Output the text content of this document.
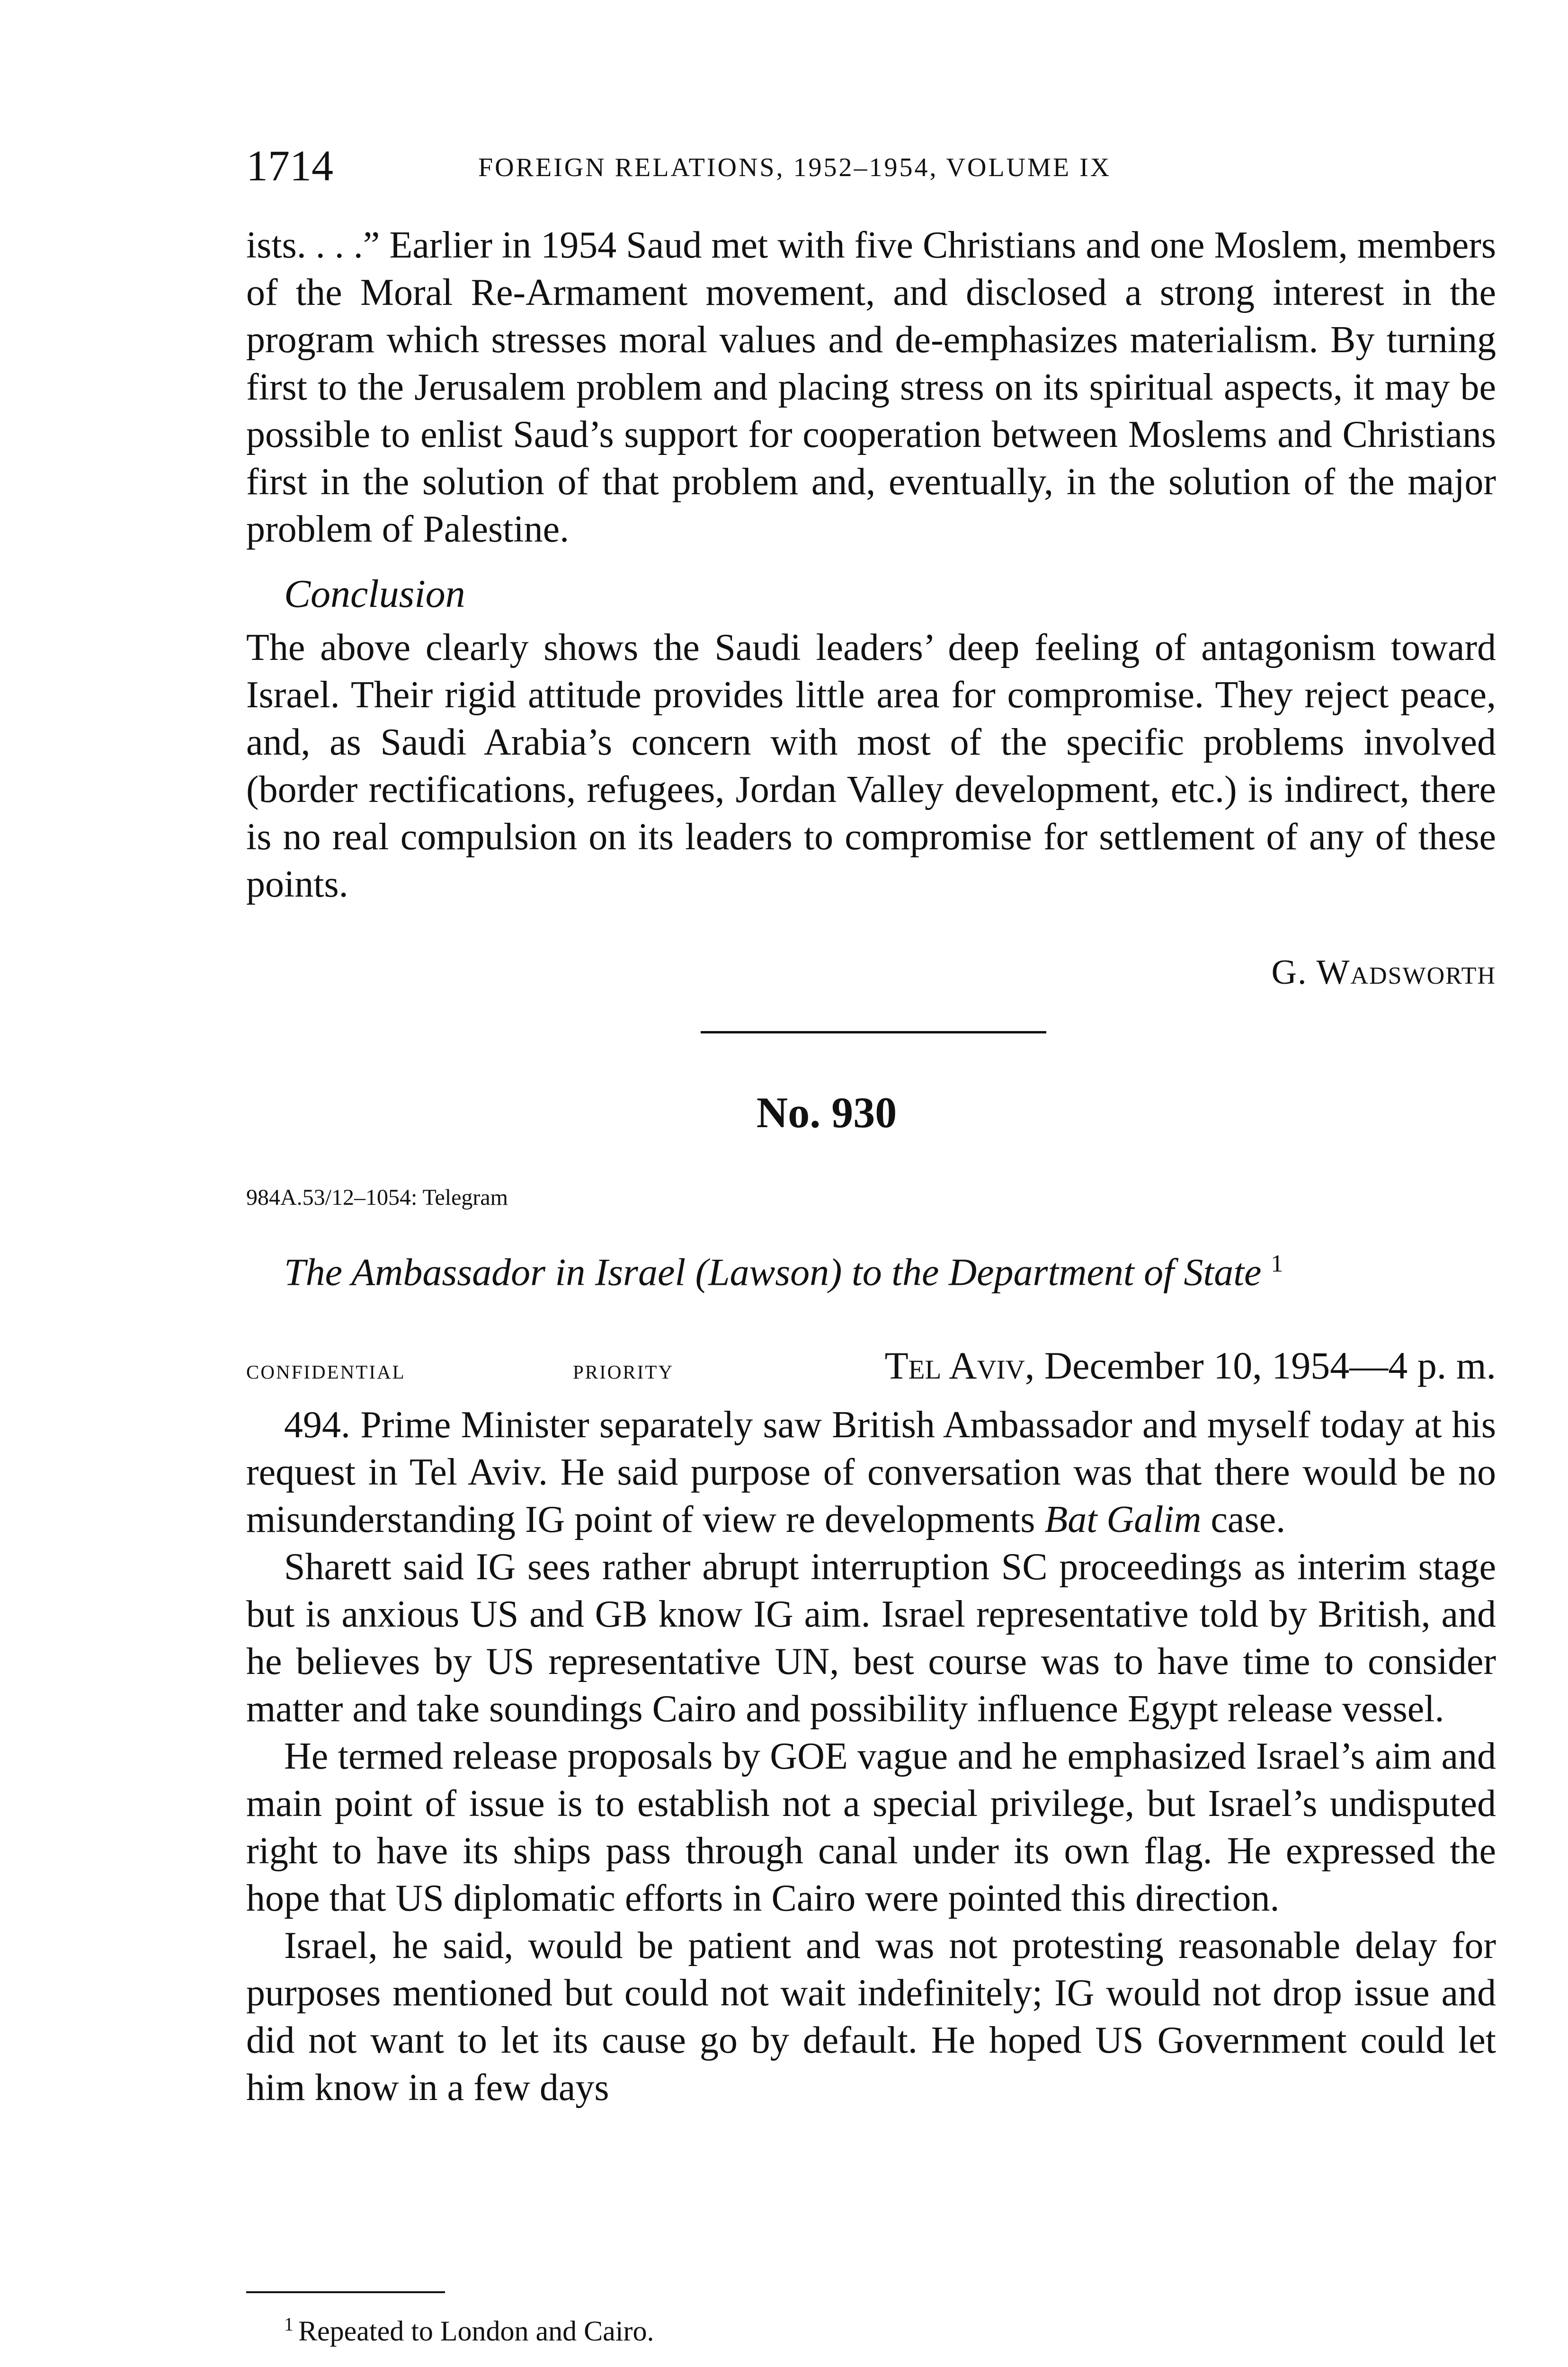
1714	FOREIGN RELATIONS, 1952–1954, VOLUME IX

ists. . . .” Earlier in 1954 Saud met with five Christians and one Moslem, members of the Moral Re-Armament movement, and disclosed a strong interest in the program which stresses moral values and de-emphasizes materialism. By turning first to the Jerusalem problem and placing stress on its spiritual aspects, it may be possible to enlist Saud’s support for cooperation between Moslems and Christians first in the solution of that problem and, eventually, in the solution of the major problem of Palestine.

Conclusion

The above clearly shows the Saudi leaders’ deep feeling of antagonism toward Israel. Their rigid attitude provides little area for compromise. They reject peace, and, as Saudi Arabia’s concern with most of the specific problems involved (border rectifications, refugees, Jordan Valley development, etc.) is indirect, there is no real compulsion on its leaders to compromise for settlement of any of these points.

G. Wadsworth
No. 930
984A.53/12–1054: Telegram
The Ambassador in Israel (Lawson) to the Department of State $^1$
confidential	priority	Tel Aviv, December 10, 1954—4 p. m.

494. Prime Minister separately saw British Ambassador and myself today at his request in Tel Aviv. He said purpose of conversation was that there would be no misunderstanding IG point of view re developments Bat Galim case.

Sharett said IG sees rather abrupt interruption SC proceedings as interim stage but is anxious US and GB know IG aim. Israel representative told by British, and he believes by US representative UN, best course was to have time to consider matter and take soundings Cairo and possibility influence Egypt release vessel.

He termed release proposals by GOE vague and he emphasized Israel’s aim and main point of issue is to establish not a special privilege, but Israel’s undisputed right to have its ships pass through canal under its own flag. He expressed the hope that US diplomatic efforts in Cairo were pointed this direction.

Israel, he said, would be patient and was not protesting reasonable delay for purposes mentioned but could not wait indefinitely; IG would not drop issue and did not want to let its cause go by default. He hoped US Government could let him know in a few days

$^1$ Repeated to London and Cairo.
